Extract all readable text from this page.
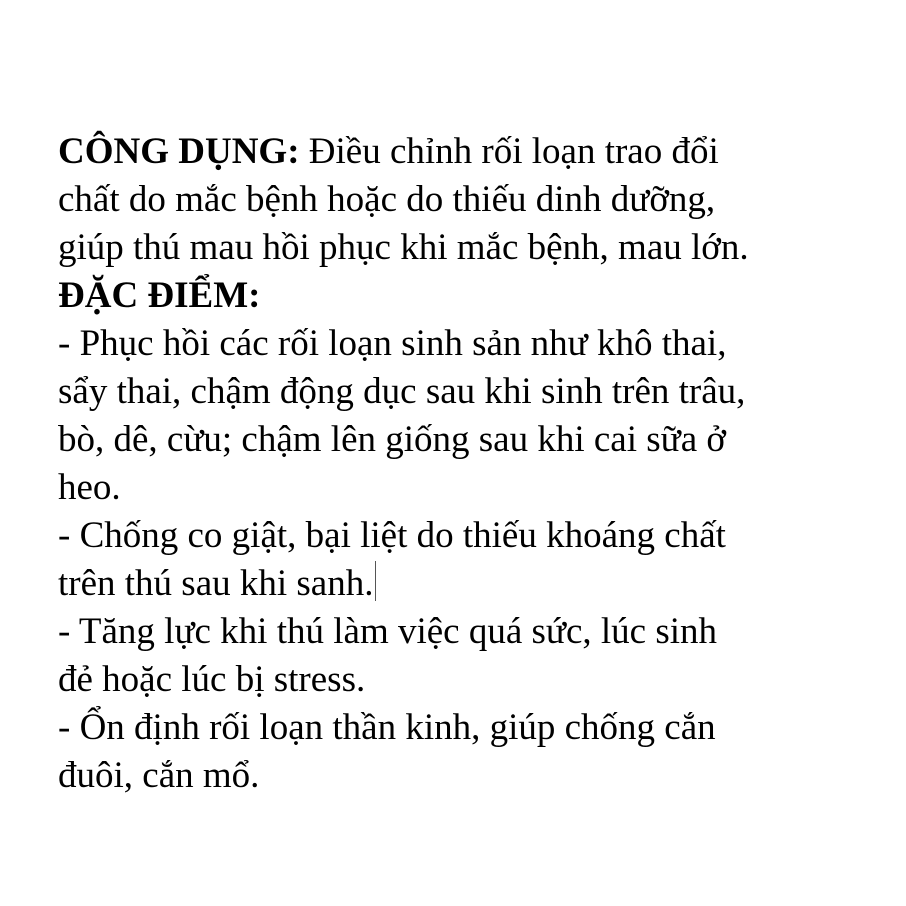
CÔNG DỤNG: Điều chỉnh rối loạn trao đổi
chất do mắc bệnh hoặc do thiếu dinh dưỡng,
giúp thú mau hồi phục khi mắc bệnh, mau lớn.
ĐẶC ĐIỂM:
- Phục hồi các rối loạn sinh sản như khô thai,
sẩy thai, chậm động dục sau khi sinh trên trâu,
bò, dê, cừu; chậm lên giống sau khi cai sữa ở
heo.
- Chống co giật, bại liệt do thiếu khoáng chất
trên thú sau khi sanh.
- Tăng lực khi thú làm việc quá sức, lúc sinh
đẻ hoặc lúc bị stress.
- Ổn định rối loạn thần kinh, giúp chống cắn
đuôi, cắn mổ.
